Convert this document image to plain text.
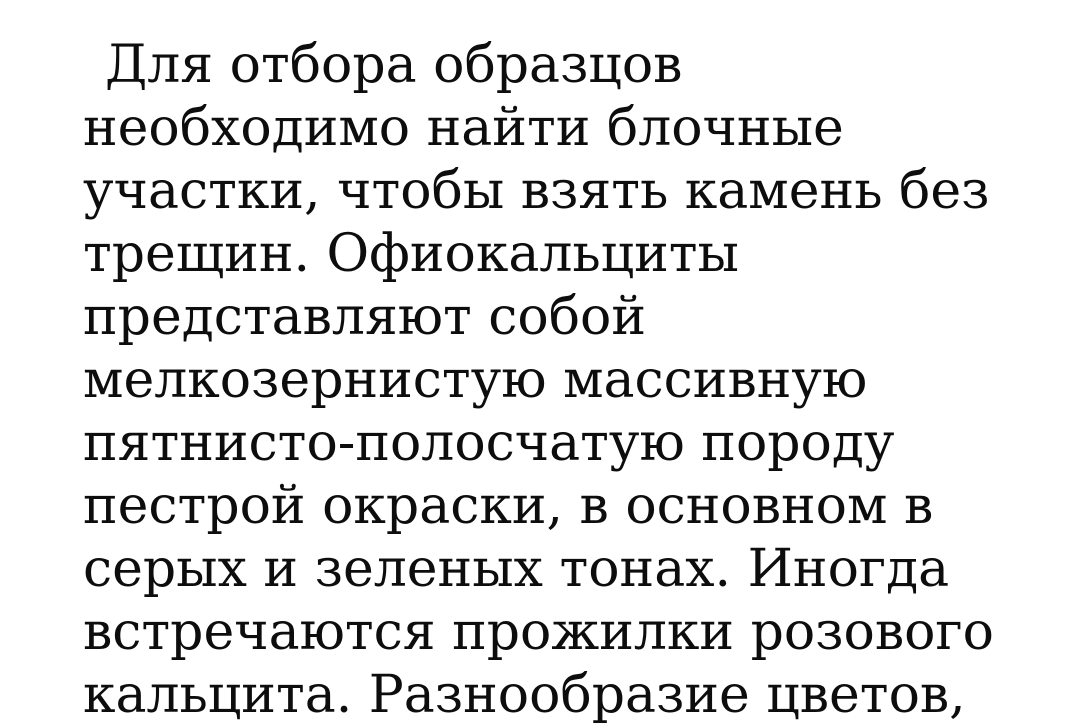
Для отбора образцов
необходимо найти блочные
участки, чтобы взять камень без
трещин. Офиокальциты
представляют собой
мелкозернистую массивную
пятнисто-полосчатую породу
пестрой окраски, в основном в
серых и зеленых тонах. Иногда
встречаются прожилки розового
кальцита. Разнообразие цветов,
